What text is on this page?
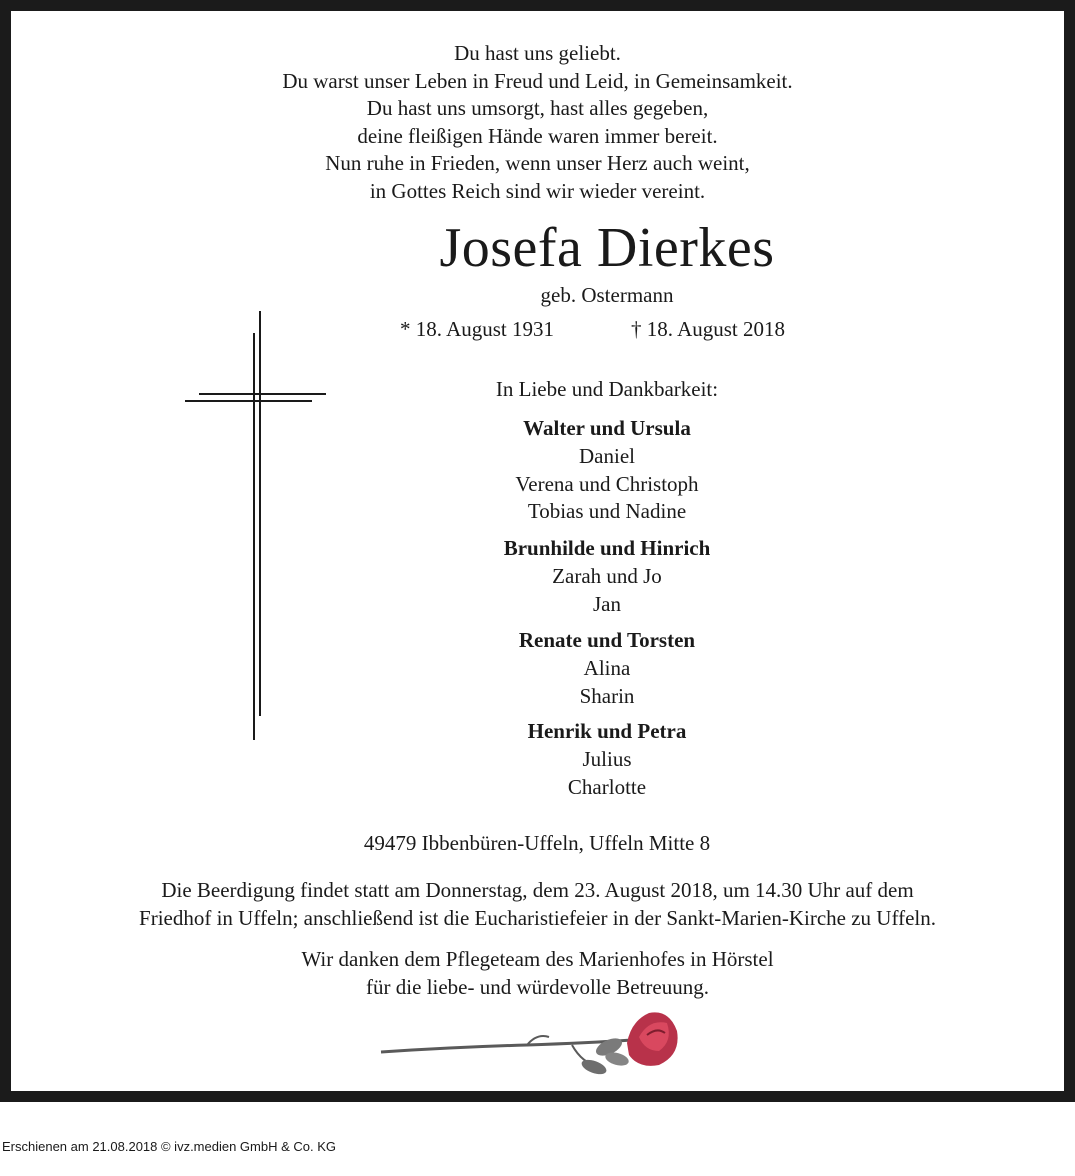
Du hast uns geliebt.
Du warst unser Leben in Freud und Leid, in Gemeinsamkeit.
Du hast uns umsorgt, hast alles gegeben,
deine fleißigen Hände waren immer bereit.
Nun ruhe in Frieden, wenn unser Herz auch weint,
in Gottes Reich sind wir wieder vereint.
Josefa Dierkes
geb. Ostermann
* 18. August 1931	† 18. August 2018
In Liebe und Dankbarkeit:
Walter und Ursula
Daniel
Verena und Christoph
Tobias und Nadine
Brunhilde und Hinrich
Zarah und Jo
Jan
Renate und Torsten
Alina
Sharin
Henrik und Petra
Julius
Charlotte
49479 Ibbenbüren-Uffeln, Uffeln Mitte 8
Die Beerdigung findet statt am Donnerstag, dem 23. August 2018, um 14.30 Uhr auf dem
Friedhof in Uffeln; anschließend ist die Eucharistiefeier in der Sankt-Marien-Kirche zu Uffeln.
Wir danken dem Pflegeteam des Marienhofes in Hörstel
für die liebe- und würdevolle Betreuung.
Erschienen am 21.08.2018 © ivz.medien GmbH & Co. KG
